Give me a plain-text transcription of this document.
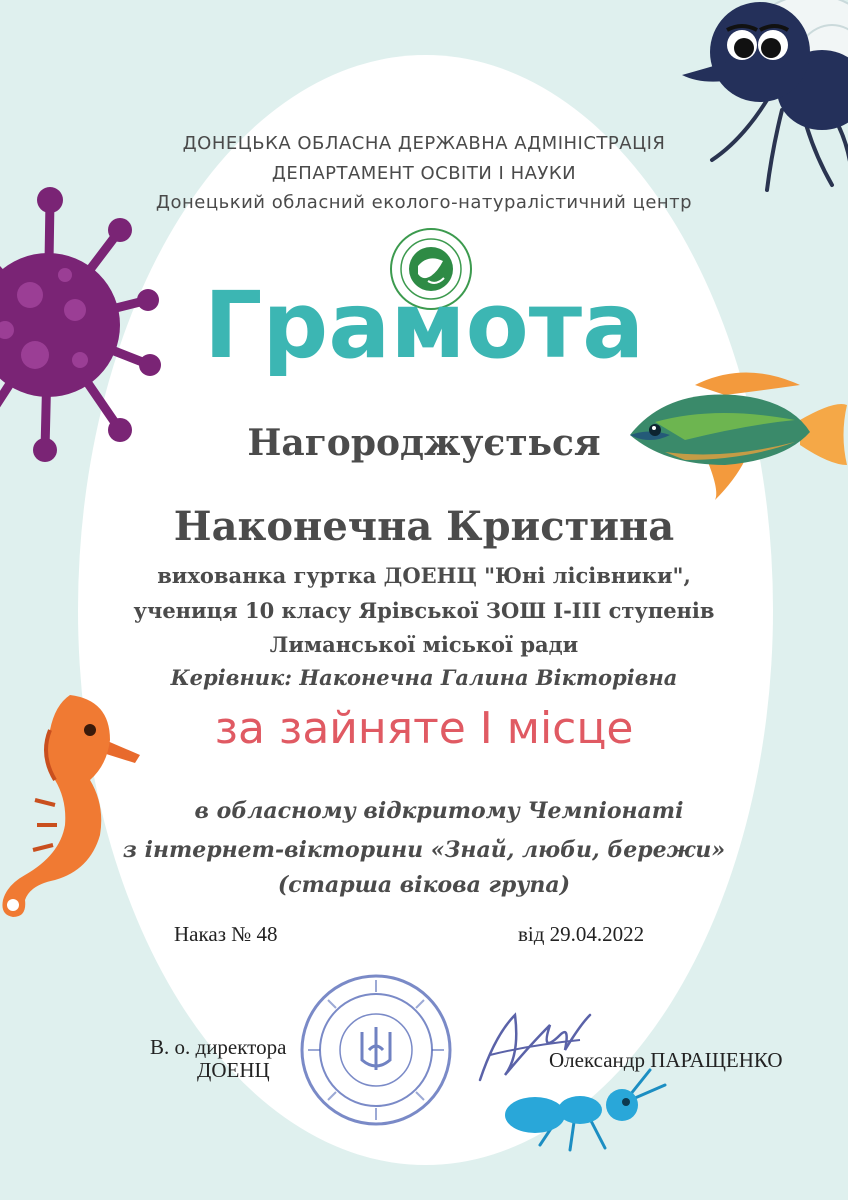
ДОНЕЦЬКА ОБЛАСНА ДЕРЖАВНА АДМІНІСТРАЦІЯ
ДЕПАРТАМЕНТ ОСВІТИ І НАУКИ
Донецький обласний еколого-натуралістичний центр
Грамота
Нагороджується
Наконечна Кристина
вихованка гуртка ДОЕНЦ "Юні лісівники",
учениця 10 класу Ярівської ЗОШ І-ІІІ ступенів
Лиманської міської ради
Керівник: Наконечна Галина Вікторівна
за зайняте І місце
в обласному відкритому Чемпіонаті
з інтернет-вікторини «Знай, люби, бережи»
(старша вікова група)
Наказ № 48	від 29.04.2022
В. о. директора
ДОЕНЦ	Олександр ПАРАЩЕНКО
